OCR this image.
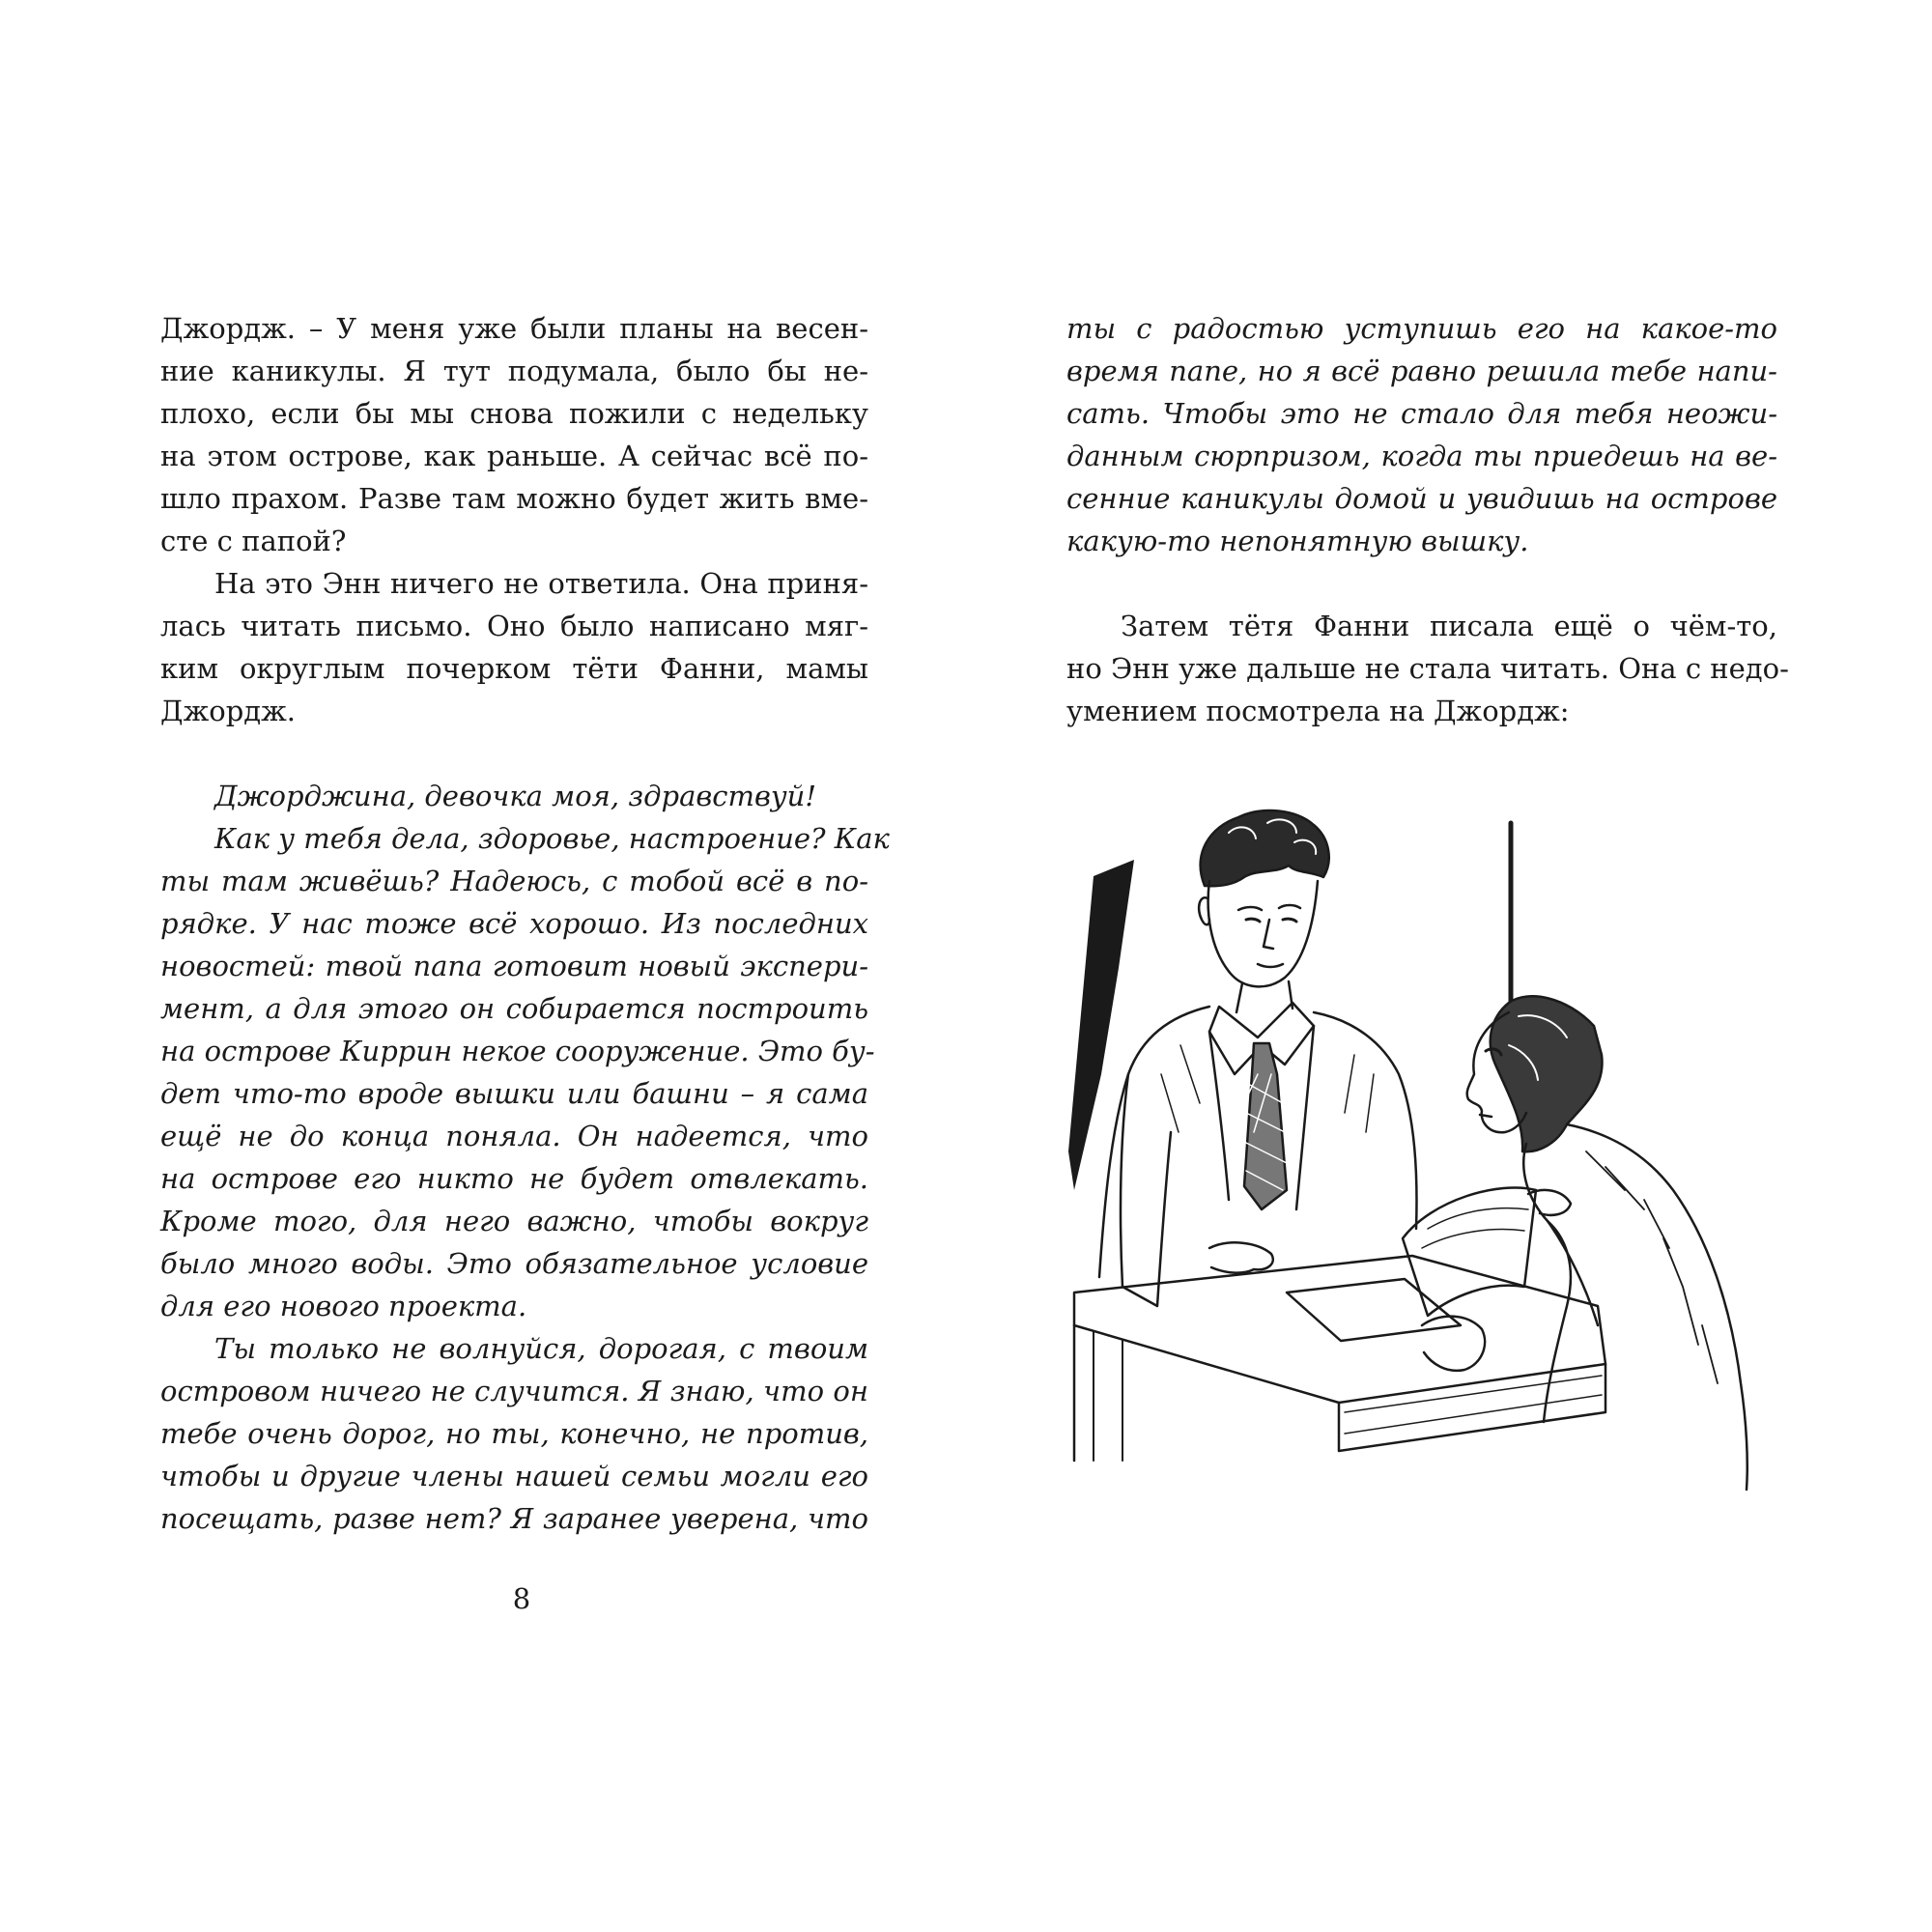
Джордж. – У меня уже были планы на весен-
ние каникулы. Я тут подумала, было бы не-
плохо, если бы мы снова пожили с недельку
на этом острове, как раньше. А сейчас всё по-
шло прахом. Разве там можно будет жить вме-
сте с папой?
На это Энн ничего не ответила. Она приня-
лась читать письмо. Оно было написано мяг-
ким округлым почерком тёти Фанни, мамы
Джордж.
Джорджина, девочка моя, здравствуй!
Как у тебя дела, здоровье, настроение? Как
ты там живёшь? Надеюсь, с тобой всё в по-
рядке. У нас тоже всё хорошо. Из последних
новостей: твой папа готовит новый экспери-
мент, а для этого он собирается построить
на острове Киррин некое сооружение. Это бу-
дет что-то вроде вышки или башни – я сама
ещё не до конца поняла. Он надеется, что
на острове его никто не будет отвлекать.
Кроме того, для него важно, чтобы вокруг
было много воды. Это обязательное условие
для его нового проекта.
Ты только не волнуйся, дорогая, с твоим
островом ничего не случится. Я знаю, что он
тебе очень дорог, но ты, конечно, не против,
чтобы и другие члены нашей семьи могли его
посещать, разве нет? Я заранее уверена, что
8
ты с радостью уступишь его на какое-то
время папе, но я всё равно решила тебе напи-
сать. Чтобы это не стало для тебя неожи-
данным сюрпризом, когда ты приедешь на ве-
сенние каникулы домой и увидишь на острове
какую-то непонятную вышку.
Затем тётя Фанни писала ещё о чём-то,
но Энн уже дальше не стала читать. Она с недо-
умением посмотрела на Джордж:
